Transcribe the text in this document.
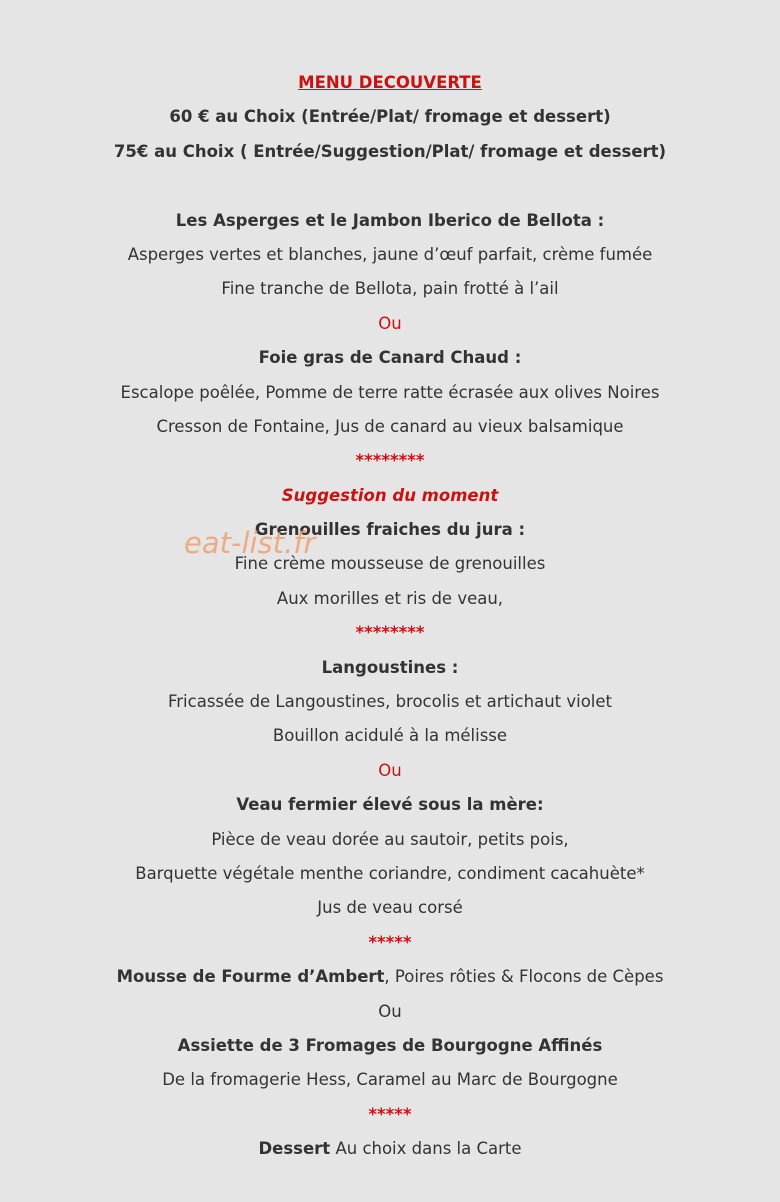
MENU DECOUVERTE
60 € au Choix (Entrée/Plat/ fromage et dessert)
75€ au Choix ( Entrée/Suggestion/Plat/ fromage et dessert)
Les Asperges et le Jambon Iberico de Bellota :
Asperges vertes et blanches, jaune d’œuf parfait, crème fumée
Fine tranche de Bellota, pain frotté à l’ail
Ou
Foie gras de Canard Chaud :
Escalope poêlée, Pomme de terre ratte écrasée aux olives Noires
Cresson de Fontaine, Jus de canard au vieux balsamique
********
Suggestion du moment
Grenouilles fraiches du jura :
Fine crème mousseuse de grenouilles
Aux morilles et ris de veau,
********
Langoustines :
Fricassée de Langoustines, brocolis et artichaut violet
Bouillon acidulé à la mélisse
Ou
Veau fermier élevé sous la mère:
Pièce de veau dorée au sautoir, petits pois,
Barquette végétale menthe coriandre, condiment cacahuète*
Jus de veau corsé
*****
Mousse de Fourme d’Ambert, Poires rôties & Flocons de Cèpes
Ou
Assiette de 3 Fromages de Bourgogne Affinés
De la fromagerie Hess, Caramel au Marc de Bourgogne
*****
Dessert Au choix dans la Carte
eat-list.fr
